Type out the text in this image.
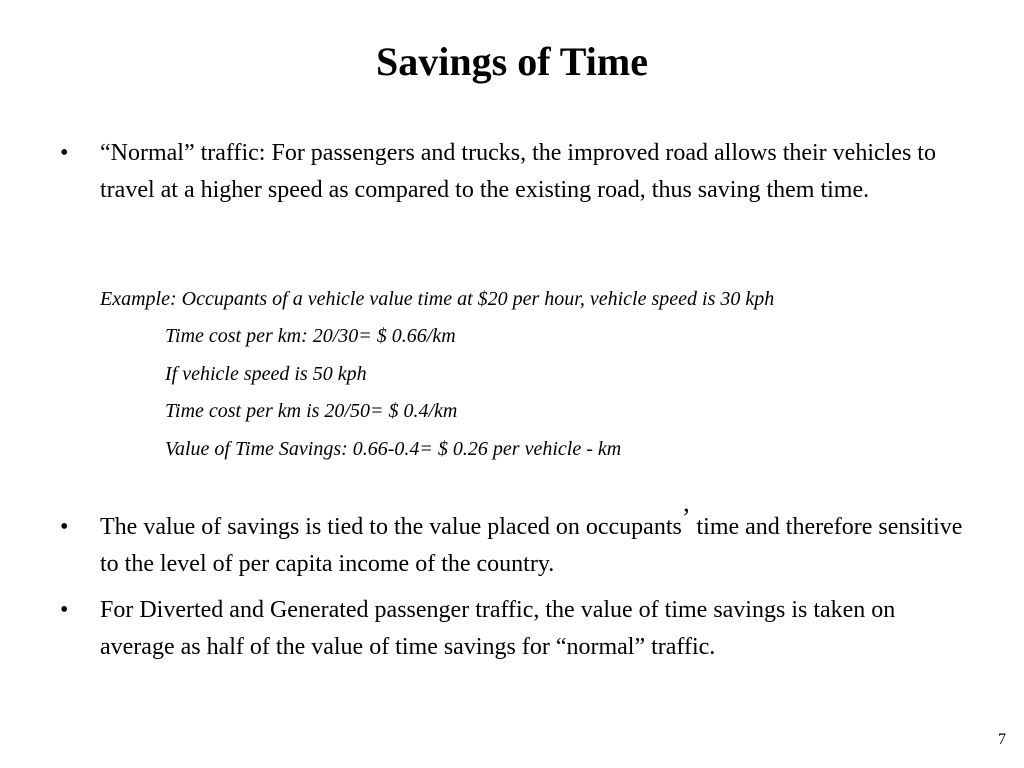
Savings of Time
•	“Normal” traffic: For passengers and trucks, the improved road allows their vehicles to travel at a higher speed as compared to the existing road, thus saving them time.
Example: Occupants of a vehicle value time at $20 per hour, vehicle speed is 30 kph
Time cost per km: 20/30= $ 0.66/km
If vehicle speed is 50 kph
Time cost per km is 20/50= $ 0.4/km
Value of Time Savings: 0.66-0.4= $ 0.26 per vehicle - km
•	The value of savings is tied to the value placed on occupants’ time and therefore sensitive to the level of per capita income of the country.
•	For Diverted and Generated passenger traffic, the value of time savings is taken on average as half of the value of time savings for “normal” traffic.
7
